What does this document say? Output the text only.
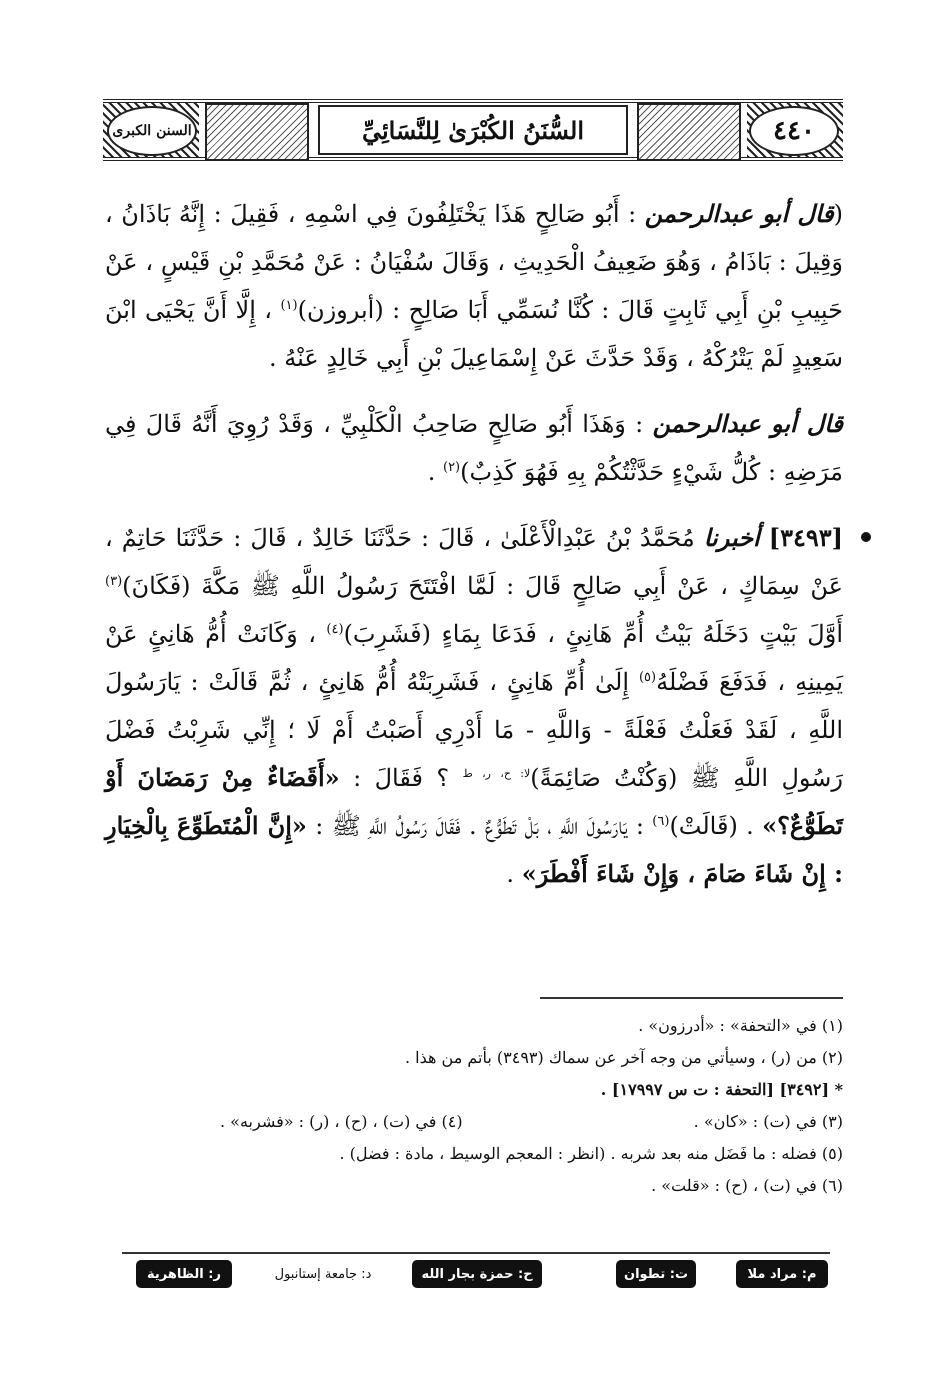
السنن الكبرى	السُّنَنُ الكُبْرَىٰ لِلنَّسَائِيِّ	٤٤٠

(قال أبو عبدالرحمن : أَبُو صَالِحٍ هَذَا يَخْتَلِفُونَ فِي اسْمِهِ ، فَقِيلَ : إِنَّهُ بَاذَانُ ، وَقِيلَ : بَاذَامُ ، وَهُوَ ضَعِيفُ الْحَدِيثِ ، وَقَالَ سُفْيَانُ : عَنْ مُحَمَّدِ بْنِ قَيْسٍ ، عَنْ حَبِيبِ بْنِ أَبِي ثَابِتٍ قَالَ : كُنَّا نُسَمِّي أَبَا صَالِحٍ : (أبروزن)$^{(١)}$ ، إِلَّا أَنَّ يَحْيَى ابْنَ سَعِيدٍ لَمْ يَتْرُكْهُ ، وَقَدْ حَدَّثَ عَنْ إِسْمَاعِيلَ بْنِ أَبِي خَالِدٍ عَنْهُ .

قال أبو عبدالرحمن : وَهَذَا أَبُو صَالِحٍ صَاحِبُ الْكَلْبِيِّ ، وَقَدْ رُوِيَ أَنَّهُ قَالَ فِي مَرَضِهِ : كُلُّ شَيْءٍ حَدَّثْتُكُمْ بِهِ فَهُوَ كَذِبٌ)$^{(٢)}$ .

[٣٤٩٣] أخبرنا مُحَمَّدُ بْنُ عَبْدِالْأَعْلَىٰ ، قَالَ : حَدَّثَنَا خَالِدٌ ، قَالَ : حَدَّثَنَا حَاتِمٌ ، عَنْ سِمَاكٍ ، عَنْ أَبِي صَالِحٍ قَالَ : لَمَّا افْتَتَحَ رَسُولُ اللَّهِ ﷺ مَكَّةَ (فَكَانَ)$^{(٣)}$ أَوَّلَ بَيْتٍ دَخَلَهُ بَيْتُ أُمِّ هَانِئٍ ، فَدَعَا بِمَاءٍ (فَشَرِبَ)$^{(٤)}$ ، وَكَانَتْ أُمُّ هَانِئٍ عَنْ يَمِينِهِ ، فَدَفَعَ فَضْلَهُ$^{(٥)}$ إِلَىٰ أُمِّ هَانِئٍ ، فَشَرِبَتْهُ أُمُّ هَانِئٍ ، ثُمَّ قَالَتْ : يَارَسُولَ اللَّهِ ، لَقَدْ فَعَلْتُ فَعْلَةً - وَاللَّهِ - مَا أَدْرِي أَصَبْتُ أَمْ لَا ؛ إِنِّي شَرِبْتُ فَضْلَ رَسُولِ اللَّهِ ﷺ (وَكُنْتُ صَائِمَةً)$^{لا: ح، ر، ط}$ ؟ فَقَالَ : «أَقَضَاءٌ مِنْ رَمَضَانَ أَوْ تَطَوُّعٌ؟» . (قَالَتْ)$^{(٦)}$ : يَارَسُولَ اللَّهِ ، بَلْ تَطَوُّعٌ . فَقَالَ رَسُولُ اللَّهِ ﷺ : «إِنَّ الْمُتَطَوِّعَ بِالْخِيَارِ : إِنْ شَاءَ صَامَ ، وَإِنْ شَاءَ أَفْطَرَ» .

(١) في «التحفة» : «أدرزون» .

(٢) من (ر) ، وسيأتي من وجه آخر عن سماك (٣٤٩٣) بأتم من هذا .

* [٣٤٩٢] [التحفة : ت س ١٧٩٩٧] .

(٣) في (ت) : «كان» .
(٤) في (ت) ، (ح) ، (ر) : «فشربه» .

(٥) فضله : ما فَضَل منه بعد شربه . (انظر : المعجم الوسيط ، مادة : فضل) .

(٦) في (ت) ، (ح) : «قلت» .

م: مراد ملا
ت: تطوان
ح: حمزة بجار الله
د: جامعة إستانبول
ر: الظاهرية
